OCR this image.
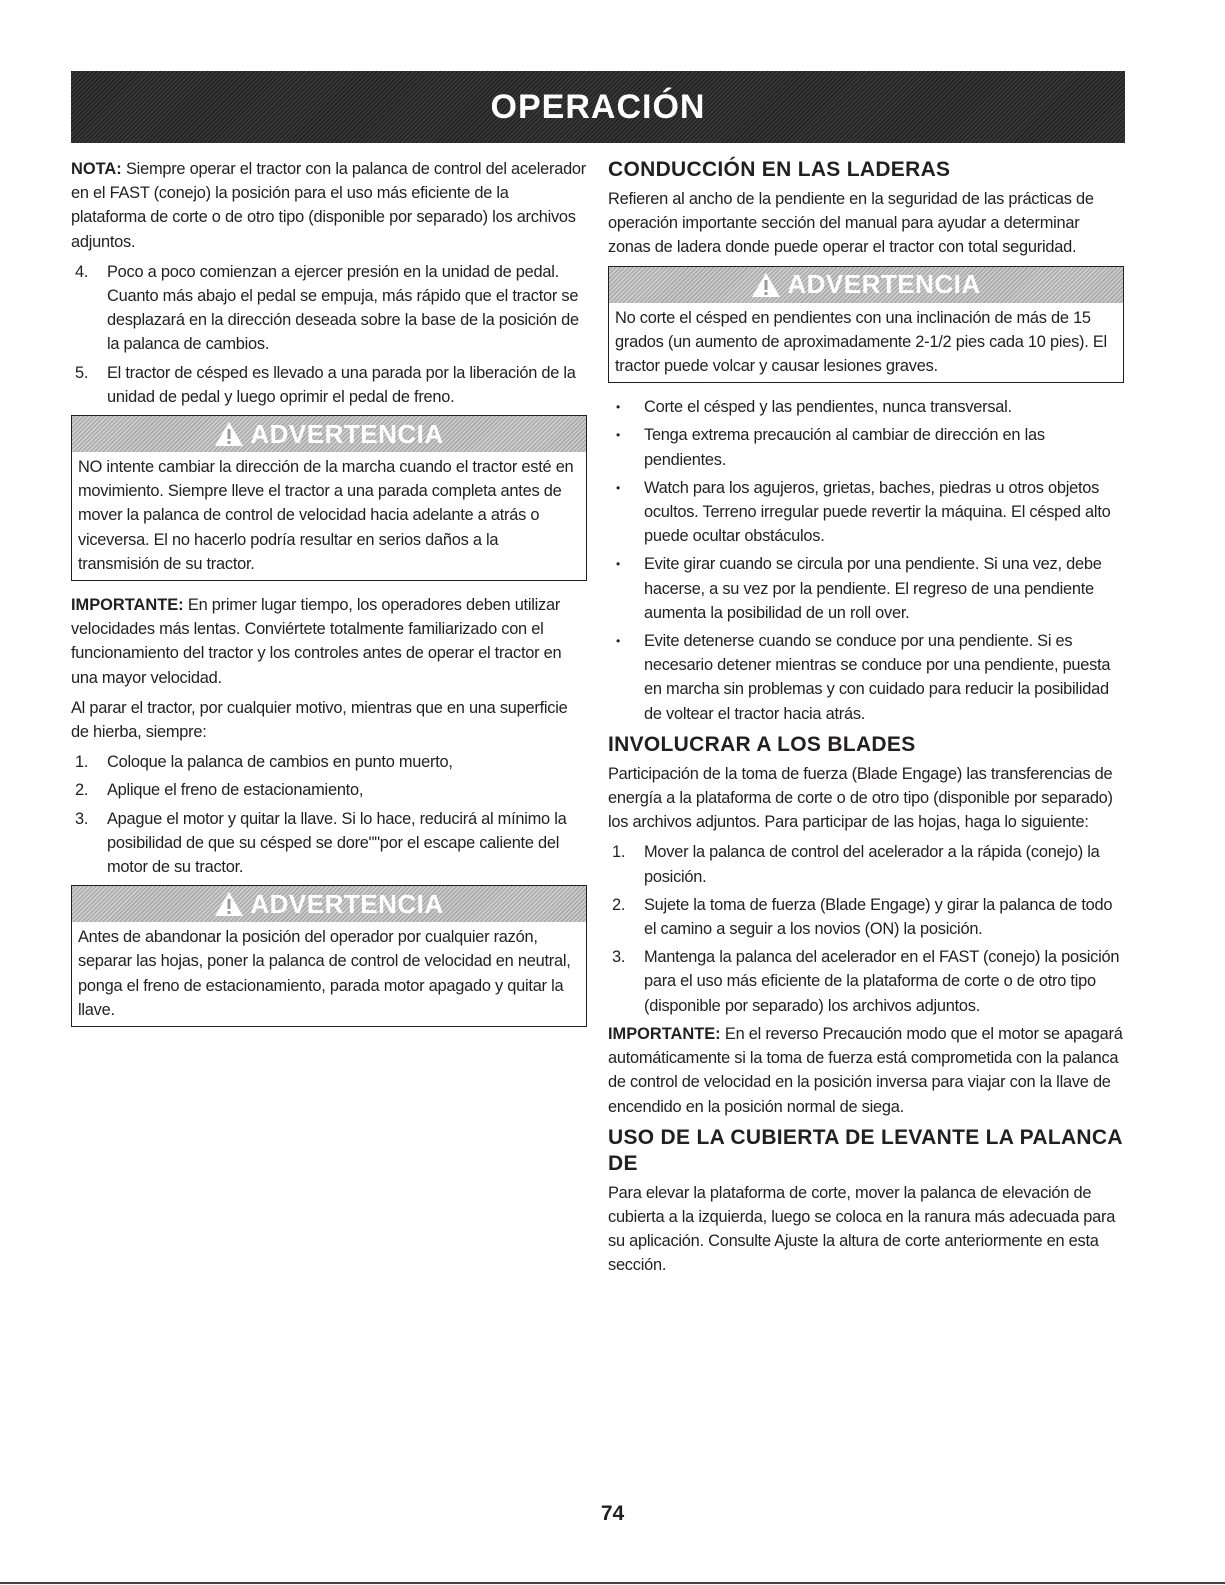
OPERACIÓN

NOTA: Siempre operar el tractor con la palanca de control del acelerador en el FAST (conejo) la posición para el uso más eficiente de la plataforma de corte o de otro tipo (disponible por separado) los archivos adjuntos.

4. Poco a poco comienzan a ejercer presión en la unidad de pedal. Cuanto más abajo el pedal se empuja, más rápido que el tractor se desplazará en la dirección deseada sobre la base de la posición de la palanca de cambios.
5. El tractor de césped es llevado a una parada por la liberación de la unidad de pedal y luego oprimir el pedal de freno.
ADVERTENCIA

NO intente cambiar la dirección de la marcha cuando el tractor esté en movimiento. Siempre lleve el tractor a una parada completa antes de mover la palanca de control de velocidad hacia adelante a atrás o viceversa. El no hacerlo podría resultar en serios daños a la transmisión de su tractor.

IMPORTANTE: En primer lugar tiempo, los operadores deben utilizar velocidades más lentas. Conviértete totalmente familiarizado con el funcionamiento del tractor y los controles antes de operar el tractor en una mayor velocidad.

Al parar el tractor, por cualquier motivo, mientras que en una superficie de hierba, siempre:

1. Coloque la palanca de cambios en punto muerto,
2. Aplique el freno de estacionamiento,
3. Apague el motor y quitar la llave. Si lo hace, reducirá al mínimo la posibilidad de que su césped se dore""por el escape caliente del motor de su tractor.
ADVERTENCIA

Antes de abandonar la posición del operador por cualquier razón, separar las hojas, poner la palanca de control de velocidad en neutral, ponga el freno de estacionamiento, parada motor apagado y quitar la llave.

CONDUCCIÓN EN LAS LADERAS

Refieren al ancho de la pendiente en la seguridad de las prácticas de operación importante sección del manual para ayudar a determinar zonas de ladera donde puede operar el tractor con total seguridad.

ADVERTENCIA

No corte el césped en pendientes con una inclinación de más de 15 grados (un aumento de aproximadamente 2-1/2 pies cada 10 pies). El tractor puede volcar y causar lesiones graves.

• Corte el césped y las pendientes, nunca transversal.
• Tenga extrema precaución al cambiar de dirección en las pendientes.
• Watch para los agujeros, grietas, baches, piedras u otros objetos ocultos. Terreno irregular puede revertir la máquina. El césped alto puede ocultar obstáculos.
• Evite girar cuando se circula por una pendiente. Si una vez, debe hacerse, a su vez por la pendiente. El regreso de una pendiente aumenta la posibilidad de un roll over.
• Evite detenerse cuando se conduce por una pendiente. Si es necesario detener mientras se conduce por una pendiente, puesta en marcha sin problemas y con cuidado para reducir la posibilidad de voltear el tractor hacia atrás.
INVOLUCRAR A LOS BLADES

Participación de la toma de fuerza (Blade Engage) las transferencias de energía a la plataforma de corte o de otro tipo (disponible por separado) los archivos adjuntos. Para participar de las hojas, haga lo siguiente:

1. Mover la palanca de control del acelerador a la rápida (conejo) la posición.
2. Sujete la toma de fuerza (Blade Engage) y girar la palanca de todo el camino a seguir a los novios (ON) la posición.
3. Mantenga la palanca del acelerador en el FAST (conejo) la posición para el uso más eficiente de la plataforma de corte o de otro tipo (disponible por separado) los archivos adjuntos.

IMPORTANTE: En el reverso Precaución modo que el motor se apagará automáticamente si la toma de fuerza está comprometida con la palanca de control de velocidad en la posición inversa para viajar con la llave de encendido en la posición normal de siega.

USO DE LA CUBIERTA DE LEVANTE LA PALANCA DE

Para elevar la plataforma de corte, mover la palanca de elevación de cubierta a la izquierda, luego se coloca en la ranura más adecuada para su aplicación. Consulte Ajuste la altura de corte anteriormente en esta sección.

74
